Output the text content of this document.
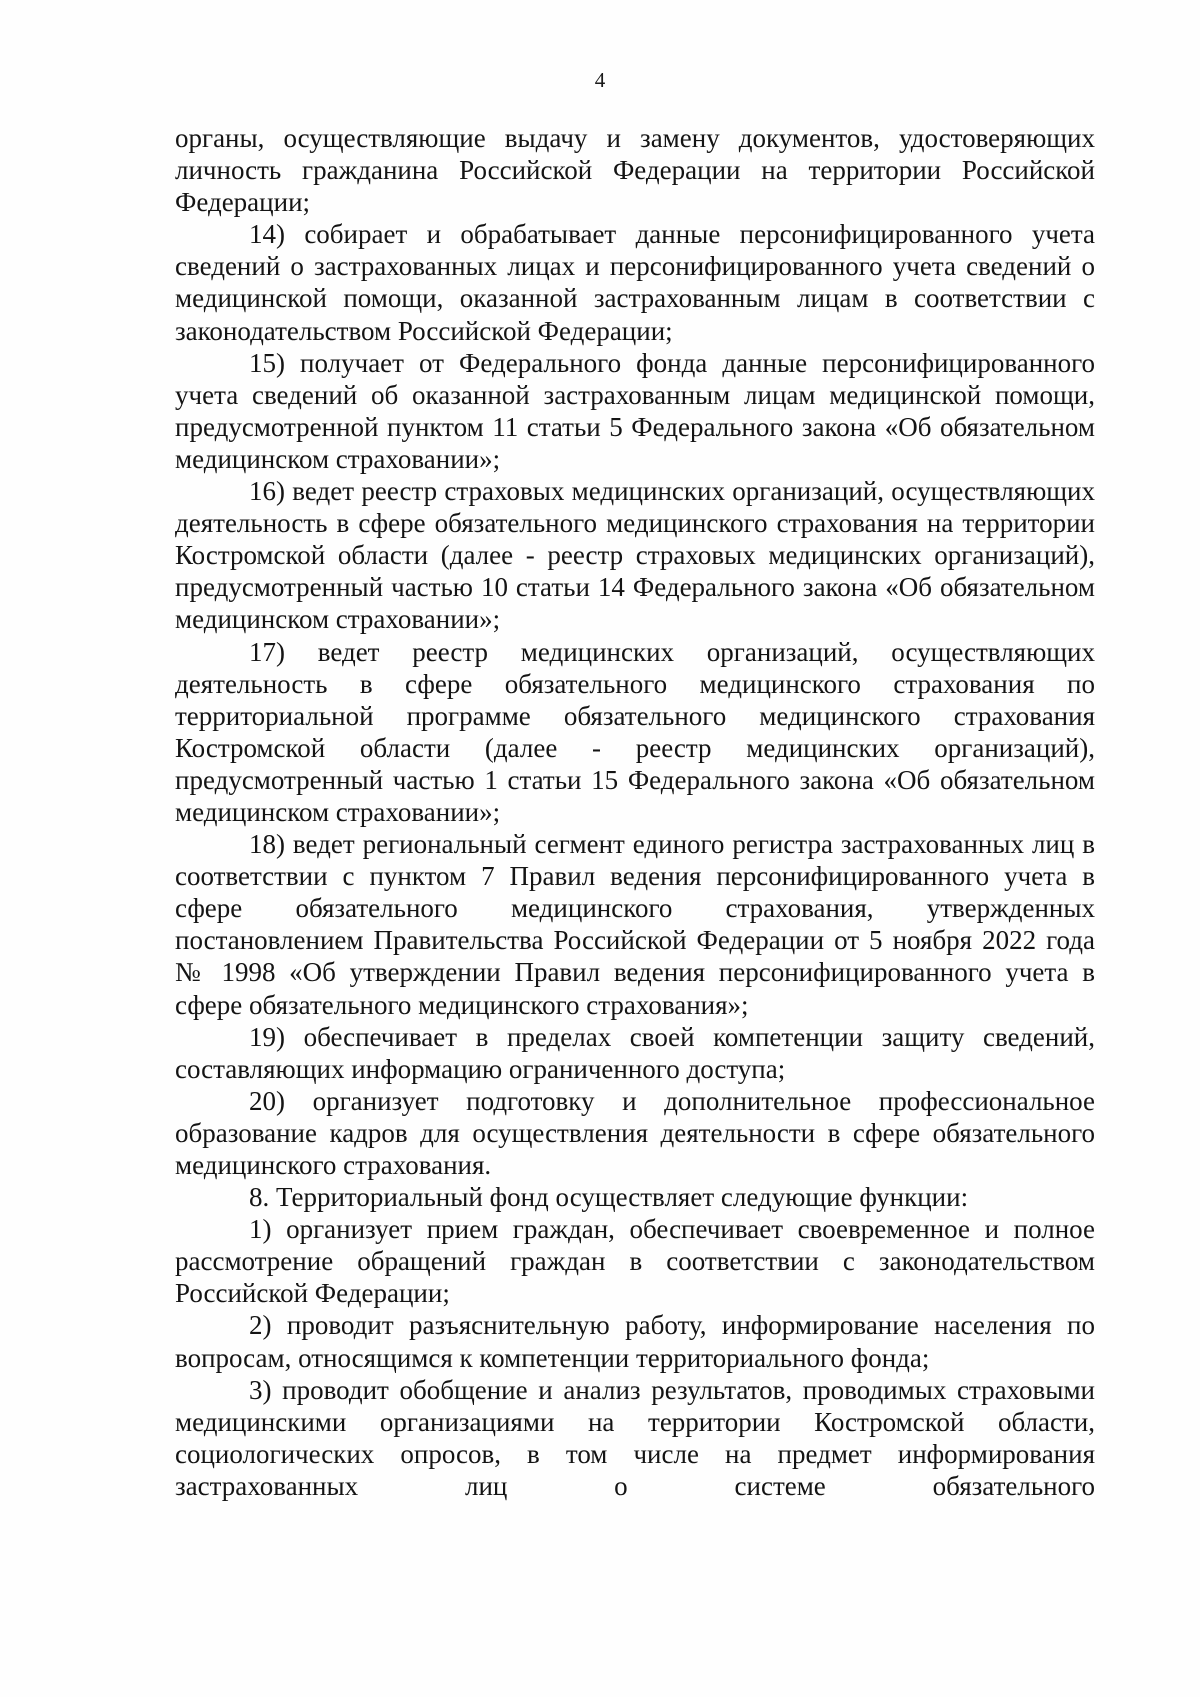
4

органы, осуществляющие выдачу и замену документов, удостоверяющих личность гражданина Российской Федерации на территории Российской Федерации;

14) собирает и обрабатывает данные персонифицированного учета сведений о застрахованных лицах и персонифицированного учета сведений о медицинской помощи, оказанной застрахованным лицам в соответствии с законодательством Российской Федерации;

15) получает от Федерального фонда данные персонифицированного учета сведений об оказанной застрахованным лицам медицинской помощи, предусмотренной пунктом 11 статьи 5 Федерального закона «Об обязательном медицинском страховании»;

16) ведет реестр страховых медицинских организаций, осуществляющих деятельность в сфере обязательного медицинского страхования на территории Костромской области (далее - реестр страховых медицинских организаций), предусмотренный частью 10 статьи 14 Федерального закона «Об обязательном медицинском страховании»;

17) ведет реестр медицинских организаций, осуществляющих деятельность в сфере обязательного медицинского страхования по территориальной программе обязательного медицинского страхования Костромской области (далее - реестр медицинских организаций), предусмотренный частью 1 статьи 15 Федерального закона «Об обязательном медицинском страховании»;

18) ведет региональный сегмент единого регистра застрахованных лиц в соответствии с пунктом 7 Правил ведения персонифицированного учета в сфере обязательного медицинского страхования, утвержденных постановлением Правительства Российской Федерации от 5 ноября 2022 года № 1998 «Об утверждении Правил ведения персонифицированного учета в сфере обязательного медицинского страхования»;

19) обеспечивает в пределах своей компетенции защиту сведений, составляющих информацию ограниченного доступа;

20) организует подготовку и дополнительное профессиональное образование кадров для осуществления деятельности в сфере обязательного медицинского страхования.

8. Территориальный фонд осуществляет следующие функции:

1) организует прием граждан, обеспечивает своевременное и полное рассмотрение обращений граждан в соответствии с законодательством Российской Федерации;

2) проводит разъяснительную работу, информирование населения по вопросам, относящимся к компетенции территориального фонда;

3) проводит обобщение и анализ результатов, проводимых страховыми медицинскими организациями на территории Костромской области, социологических опросов, в том числе на предмет информирования застрахованных лиц о системе обязательного
